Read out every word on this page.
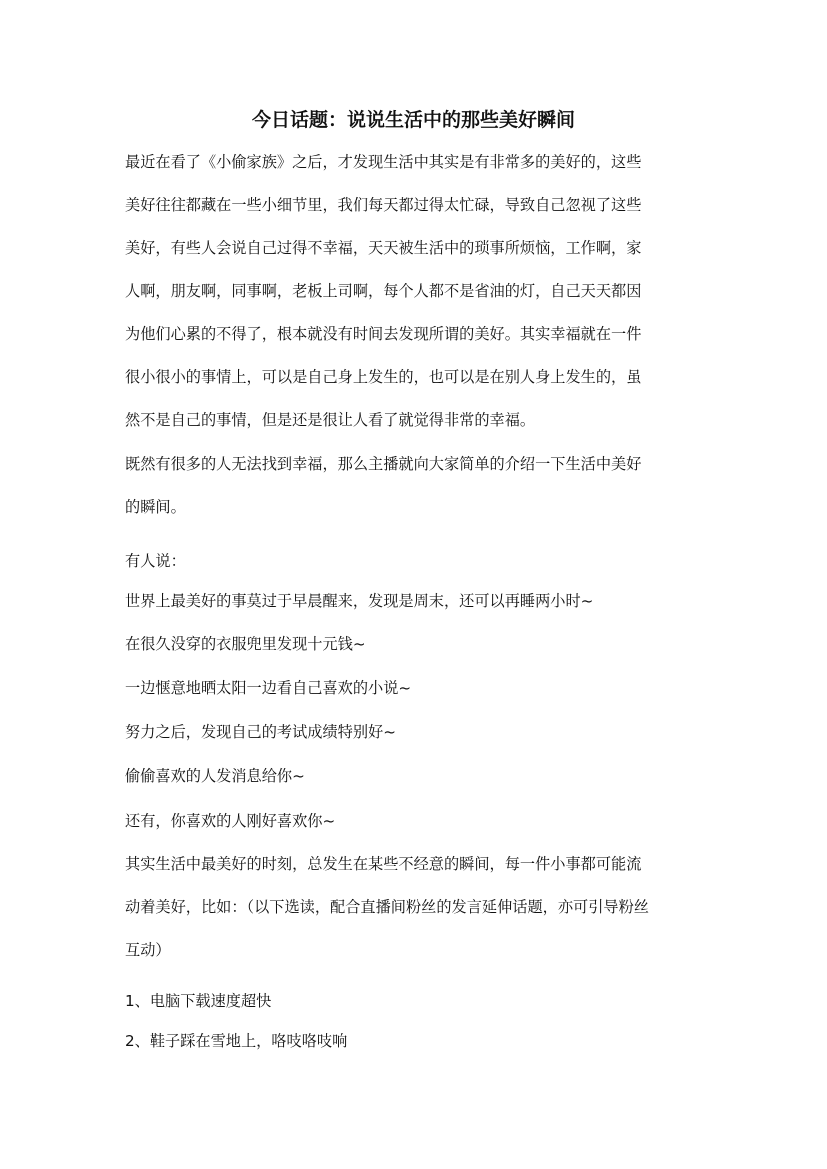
今日话题：说说生活中的那些美好瞬间
最近在看了《小偷家族》之后，才发现生活中其实是有非常多的美好的，这些
美好往往都藏在一些小细节里，我们每天都过得太忙碌，导致自己忽视了这些
美好，有些人会说自己过得不幸福，天天被生活中的琐事所烦恼，工作啊，家
人啊，朋友啊，同事啊，老板上司啊，每个人都不是省油的灯，自己天天都因
为他们心累的不得了，根本就没有时间去发现所谓的美好。其实幸福就在一件
很小很小的事情上，可以是自己身上发生的，也可以是在别人身上发生的，虽
然不是自己的事情，但是还是很让人看了就觉得非常的幸福。
既然有很多的人无法找到幸福，那么主播就向大家简单的介绍一下生活中美好
的瞬间。
有人说：
世界上最美好的事莫过于早晨醒来，发现是周末，还可以再睡两小时~
在很久没穿的衣服兜里发现十元钱~
一边惬意地晒太阳一边看自己喜欢的小说~
努力之后，发现自己的考试成绩特别好~
偷偷喜欢的人发消息给你~
还有，你喜欢的人刚好喜欢你~
其实生活中最美好的时刻，总发生在某些不经意的瞬间，每一件小事都可能流
动着美好，比如：（以下选读，配合直播间粉丝的发言延伸话题，亦可引导粉丝
互动）
1、电脑下载速度超快
2、鞋子踩在雪地上，咯吱咯吱响
